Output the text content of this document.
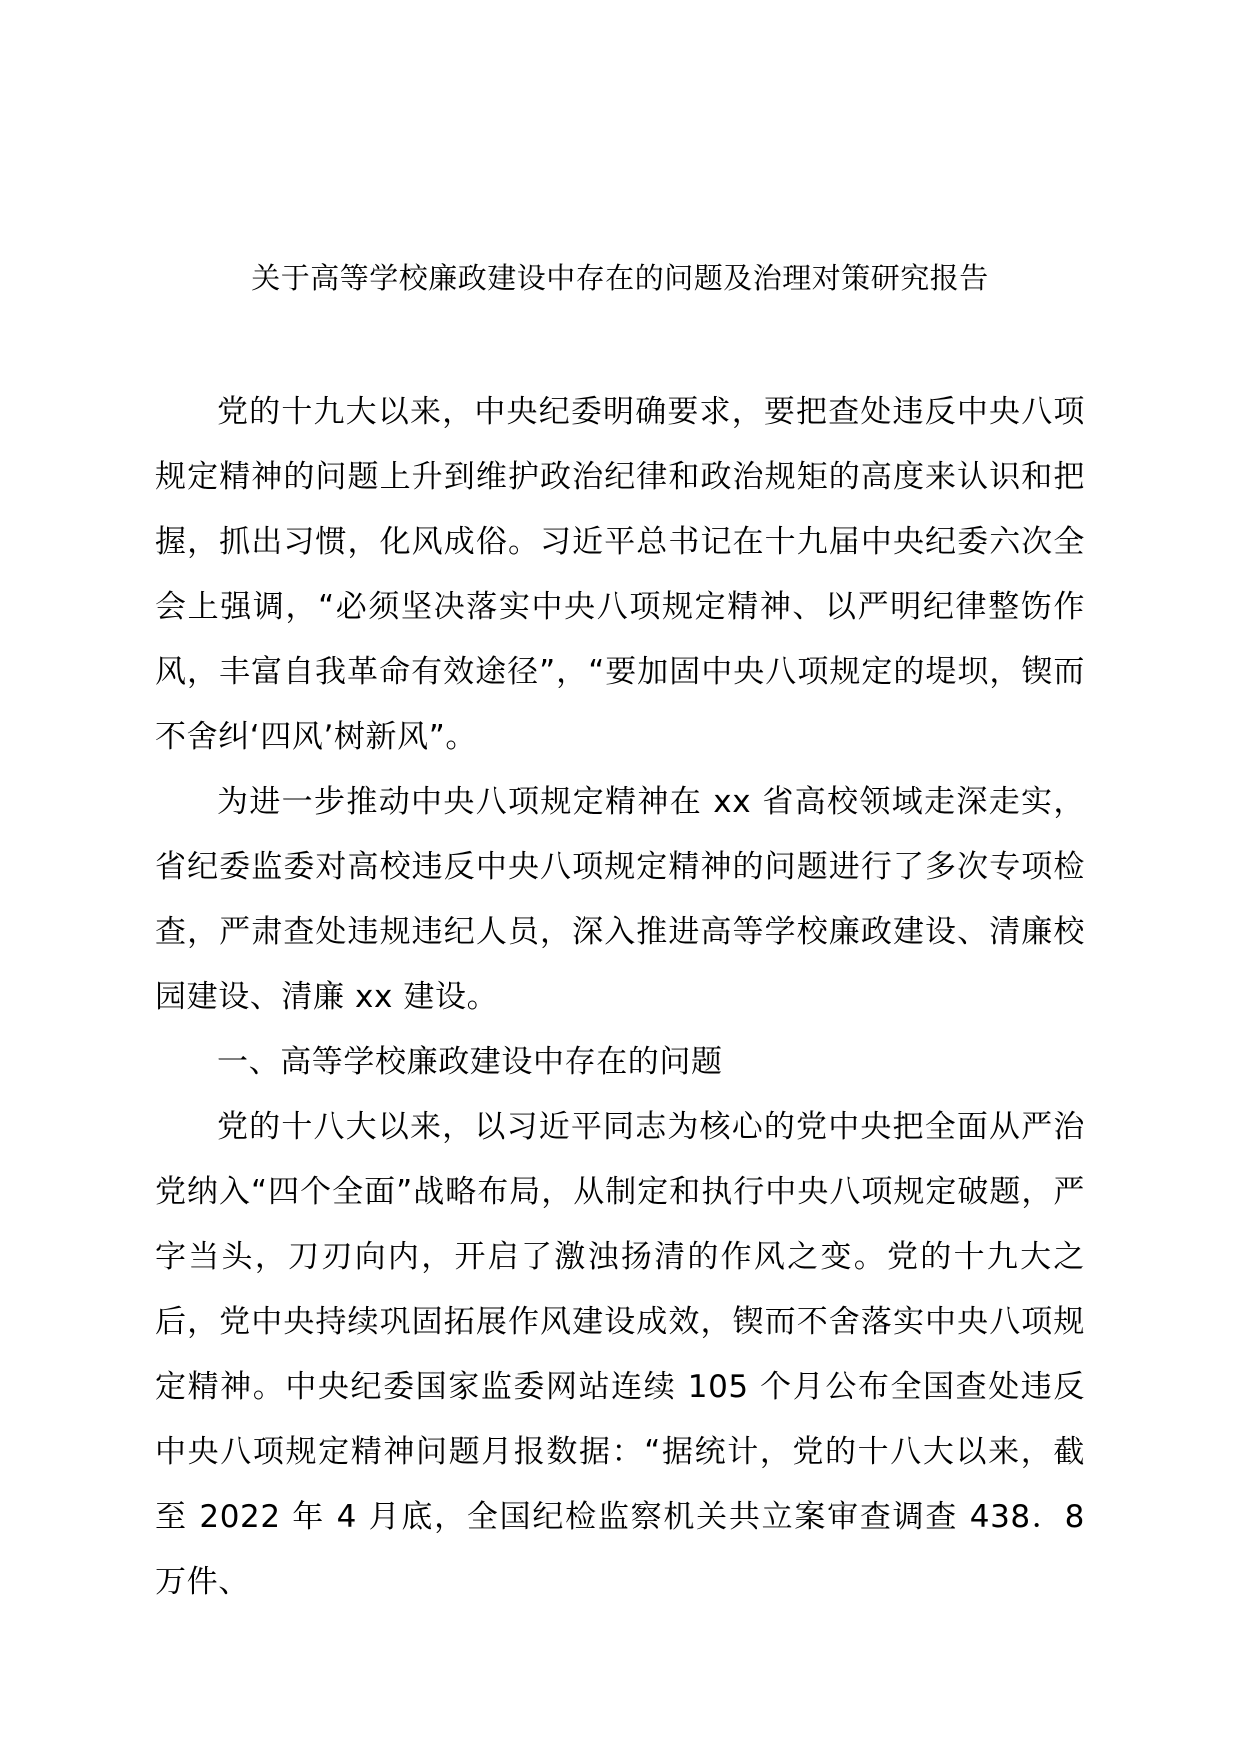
关于高等学校廉政建设中存在的问题及治理对策研究报告

党的十九大以来，中央纪委明确要求，要把查处违反中央八项规定精神的问题上升到维护政治纪律和政治规矩的高度来认识和把握，抓出习惯，化风成俗。习近平总书记在十九届中央纪委六次全会上强调，“必须坚决落实中央八项规定精神、以严明纪律整饬作风，丰富自我革命有效途径”，“要加固中央八项规定的堤坝，锲而不舍纠‘四风’树新风”。

为进一步推动中央八项规定精神在 xx 省高校领域走深走实，省纪委监委对高校违反中央八项规定精神的问题进行了多次专项检查，严肃查处违规违纪人员，深入推进高等学校廉政建设、清廉校园建设、清廉 xx 建设。

一、高等学校廉政建设中存在的问题

党的十八大以来，以习近平同志为核心的党中央把全面从严治党纳入“四个全面”战略布局，从制定和执行中央八项规定破题，严字当头，刀刃向内，开启了激浊扬清的作风之变。党的十九大之后，党中央持续巩固拓展作风建设成效，锲而不舍落实中央八项规定精神。中央纪委国家监委网站连续 105 个月公布全国查处违反中央八项规定精神问题月报数据：“据统计，党的十八大以来，截至 2022 年 4 月底，全国纪检监察机关共立案审查调查 438．8 万件、
